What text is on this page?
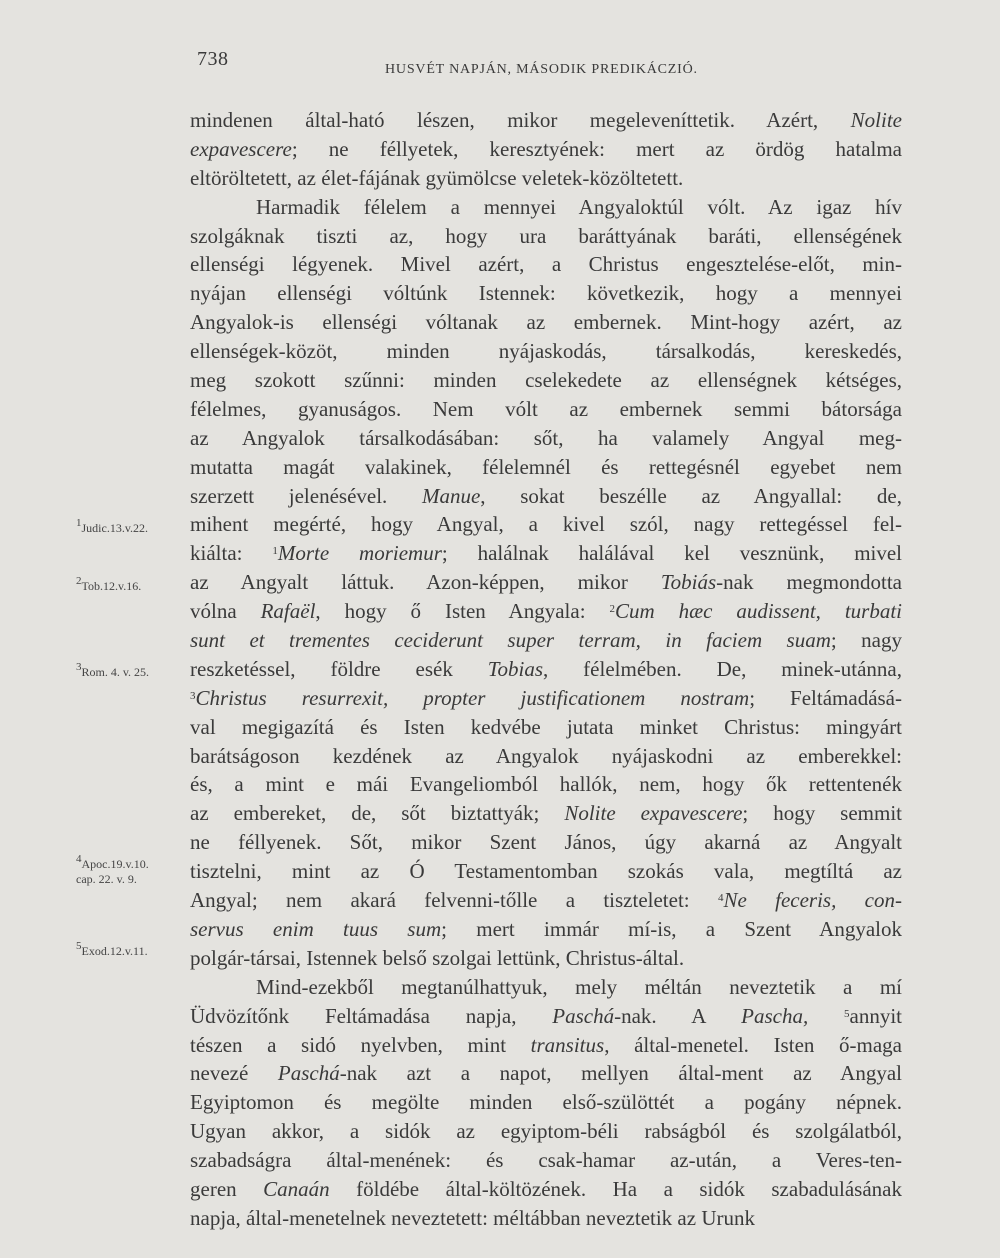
738	HUSVÉT NAPJÁN, MÁSODIK PREDIKÁCZIÓ.
$^1$Judic.13.v.22.
$^2$Tob.12.v.16.
$^3$Rom. 4. v. 25.
$^4$Apoc.19.v.10.
cap. 22. v. 9.
$^5$Exod.12.v.11.
mindenen által-ható lészen, mikor megeleveníttetik. Azért, Nolite
expavescere; ne féllyetek, keresztyének: mert az ördög hatalma
eltöröltetett, az élet-fájának gyümölcse veletek-közöltetett.
Harmadik félelem a mennyei Angyaloktúl vólt. Az igaz hív
szolgáknak tiszti az, hogy ura baráttyának baráti, ellenségének
ellenségi légyenek. Mivel azért, a Christus engesztelése-előt, min-
nyájan ellenségi vóltúnk Istennek: következik, hogy a mennyei
Angyalok-is ellenségi vóltanak az embernek. Mint-hogy azért, az
ellenségek-közöt, minden nyájaskodás, társalkodás, kereskedés,
meg szokott szűnni: minden cselekedete az ellenségnek kétséges,
félelmes, gyanuságos. Nem vólt az embernek semmi bátorsága
az Angyalok társalkodásában: sőt, ha valamely Angyal meg-
mutatta magát valakinek, félelemnél és rettegésnél egyebet nem
szerzett jelenésével. Manue, sokat beszélle az Angyallal: de,
mihent megérté, hogy Angyal, a kivel szól, nagy rettegéssel fel-
kiálta: $^1$Morte moriemur; halálnak halálával kel vesznünk, mivel
az Angyalt láttuk. Azon-képpen, mikor Tobiás-nak megmondotta
vólna Rafaël, hogy ő Isten Angyala: $^2$Cum hæc audissent, turbati
sunt et trementes ceciderunt super terram, in faciem suam; nagy
reszketéssel, földre esék Tobias, félelmében. De, minek-utánna,
$^3$Christus resurrexit, propter justificationem nostram; Feltámadásá-
val megigazítá és Isten kedvébe jutata minket Christus: mingyárt
barátságoson kezdének az Angyalok nyájaskodni az emberekkel:
és, a mint e mái Evangeliomból hallók, nem, hogy ők rettentenék
az embereket, de, sőt biztattyák; Nolite expavescere; hogy semmit
ne féllyenek. Sőt, mikor Szent János, úgy akarná az Angyalt
tisztelni, mint az Ó Testamentomban szokás vala, megtíltá az
Angyal; nem akará felvenni-tőlle a tiszteletet: $^4$Ne feceris, con-
servus enim tuus sum; mert immár mí-is, a Szent Angyalok
polgár-társai, Istennek belső szolgai lettünk, Christus-által.
Mind-ezekből megtanúlhattyuk, mely méltán neveztetik a mí
Üdvözítőnk Feltámadása napja, Paschá-nak. A Pascha,	$^5$annyit
tészen a sidó nyelvben, mint transitus, által-menetel. Isten ő-maga
nevezé Paschá-nak azt a napot, mellyen által-ment az Angyal
Egyiptomon és megölte minden első-szülöttét a pogány népnek.
Ugyan akkor, a sidók az egyiptom-béli rabságból és szolgálatból,
szabadságra által-menének: és csak-hamar az-után, a Veres-ten-
geren Canaán földébe által-költözének. Ha a sidók szabadulásának
napja, által-menetelnek neveztetett: méltábban neveztetik az Urunk
